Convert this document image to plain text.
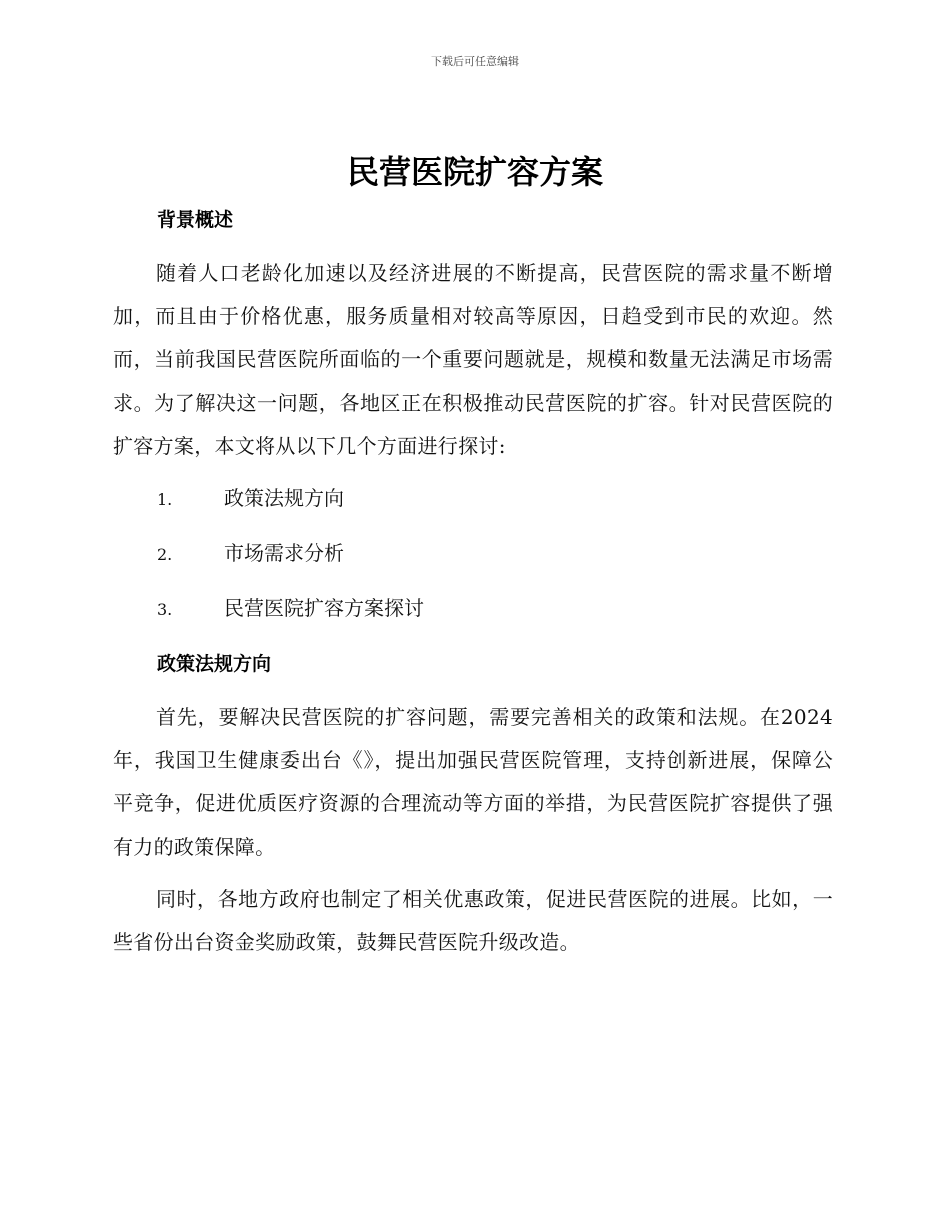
下载后可任意编辑
民营医院扩容方案
背景概述

随着人口老龄化加速以及经济进展的不断提高，民营医院的需求量不断增加，而且由于价格优惠，服务质量相对较高等原因，日趋受到市民的欢迎。然而，当前我国民营医院所面临的一个重要问题就是，规模和数量无法满足市场需求。为了解决这一问题，各地区正在积极推动民营医院的扩容。针对民营医院的扩容方案，本文将从以下几个方面进行探讨:

1.	政策法规方向
2.	市场需求分析
3.	民营医院扩容方案探讨
政策法规方向

首先，要解决民营医院的扩容问题，需要完善相关的政策和法规。在2024年，我国卫生健康委出台《》，提出加强民营医院管理，支持创新进展，保障公平竞争，促进优质医疗资源的合理流动等方面的举措，为民营医院扩容提供了强有力的政策保障。

同时，各地方政府也制定了相关优惠政策，促进民营医院的进展。比如，一些省份出台资金奖励政策，鼓舞民营医院升级改造。
